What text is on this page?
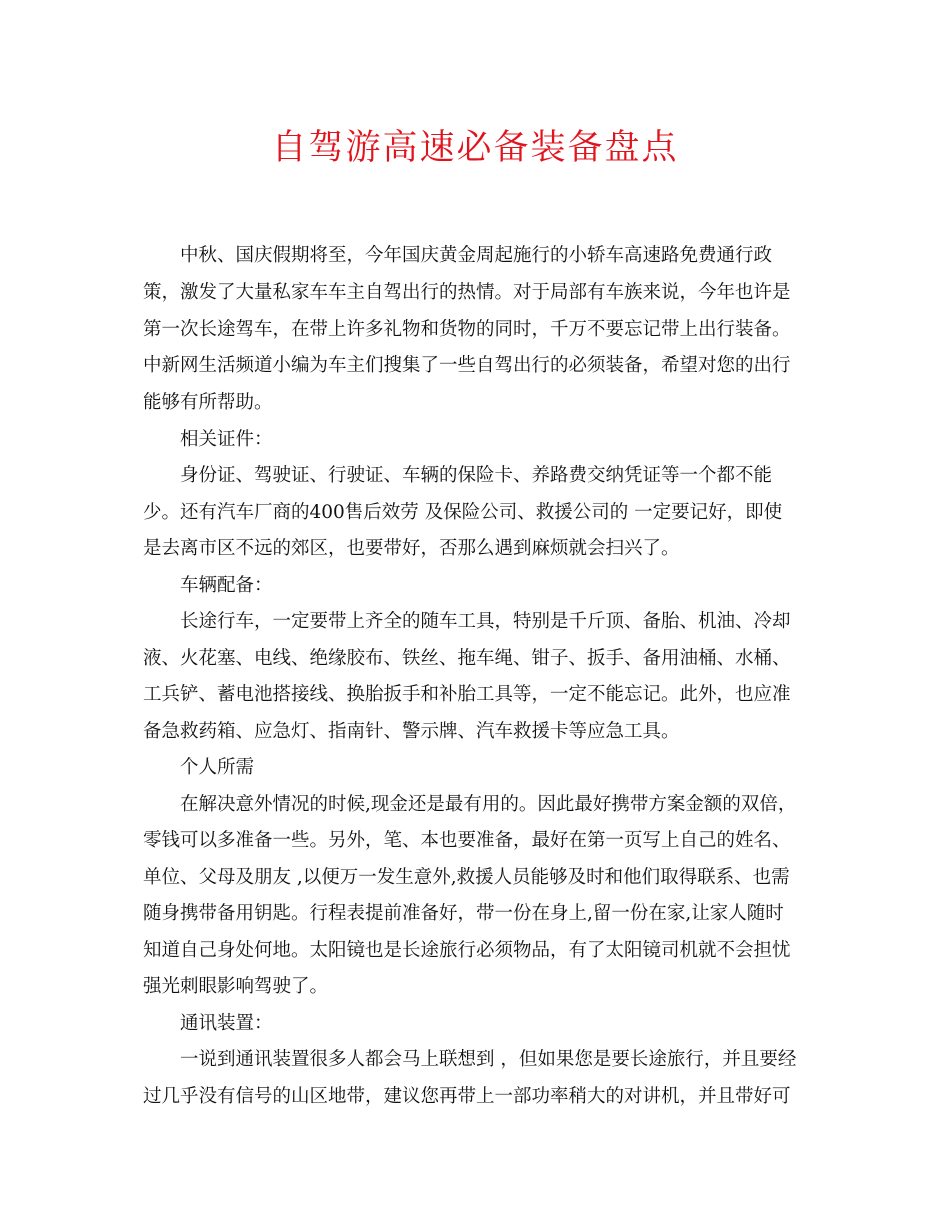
自驾游高速必备装备盘点

中秋、国庆假期将至，今年国庆黄金周起施行的小轿车高速路免费通行政

策，激发了大量私家车车主自驾出行的热情。对于局部有车族来说，今年也许是

第一次长途驾车，在带上许多礼物和货物的同时，千万不要忘记带上出行装备。

中新网生活频道小编为车主们搜集了一些自驾出行的必须装备，希望对您的出行

能够有所帮助。

相关证件：

身份证、驾驶证、行驶证、车辆的保险卡、养路费交纳凭证等一个都不能

少。还有汽车厂商的400售后效劳 及保险公司、救援公司的 一定要记好，即使

是去离市区不远的郊区，也要带好，否那么遇到麻烦就会扫兴了。

车辆配备：

长途行车，一定要带上齐全的随车工具，特别是千斤顶、备胎、机油、冷却

液、火花塞、电线、绝缘胶布、铁丝、拖车绳、钳子、扳手、备用油桶、水桶、

工兵铲、蓄电池搭接线、换胎扳手和补胎工具等，一定不能忘记。此外，也应准

备急救药箱、应急灯、指南针、警示牌、汽车救援卡等应急工具。

个人所需

在解决意外情况的时候,现金还是最有用的。因此最好携带方案金额的双倍，

零钱可以多准备一些。另外，笔、本也要准备，最好在第一页写上自己的姓名、

单位、父母及朋友 ,以便万一发生意外,救援人员能够及时和他们取得联系、也需

随身携带备用钥匙。行程表提前准备好，带一份在身上,留一份在家,让家人随时

知道自己身处何地。太阳镜也是长途旅行必须物品，有了太阳镜司机就不会担忧

强光刺眼影响驾驶了。

通讯装置：

一说到通讯装置很多人都会马上联想到 ，但如果您是要长途旅行，并且要经

过几乎没有信号的山区地带，建议您再带上一部功率稍大的对讲机，并且带好可
